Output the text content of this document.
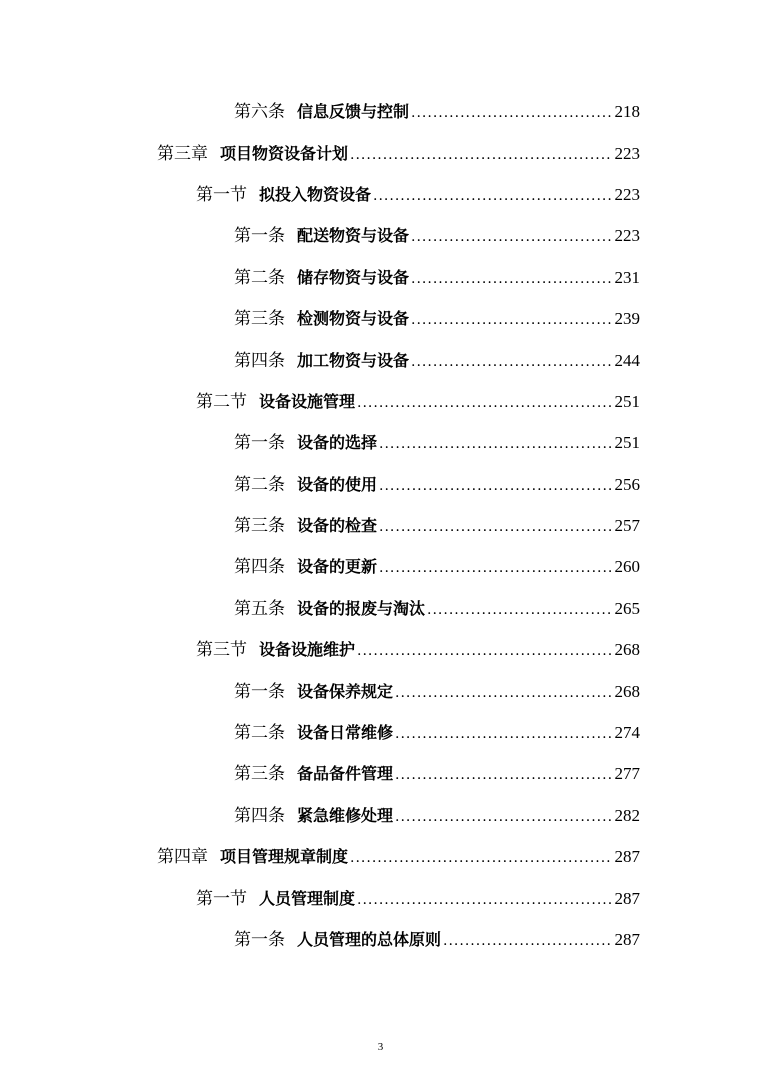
第六条 信息反馈与控制 .....	218
第三章 项目物资设备计划 .....	223
第一节 拟投入物资设备 .....	223
第一条 配送物资与设备 .....	223
第二条 储存物资与设备 .....	231
第三条 检测物资与设备 .....	239
第四条 加工物资与设备 .....	244
第二节 设备设施管理 .....	251
第一条 设备的选择 .....	251
第二条 设备的使用 .....	256
第三条 设备的检查 .....	257
第四条 设备的更新 .....	260
第五条 设备的报废与淘汰 .....	265
第三节 设备设施维护 .....	268
第一条 设备保养规定 .....	268
第二条 设备日常维修 .....	274
第三条 备品备件管理 .....	277
第四条 紧急维修处理 .....	282
第四章 项目管理规章制度 .....	287
第一节 人员管理制度 .....	287
第一条 人员管理的总体原则 .....	287
3
